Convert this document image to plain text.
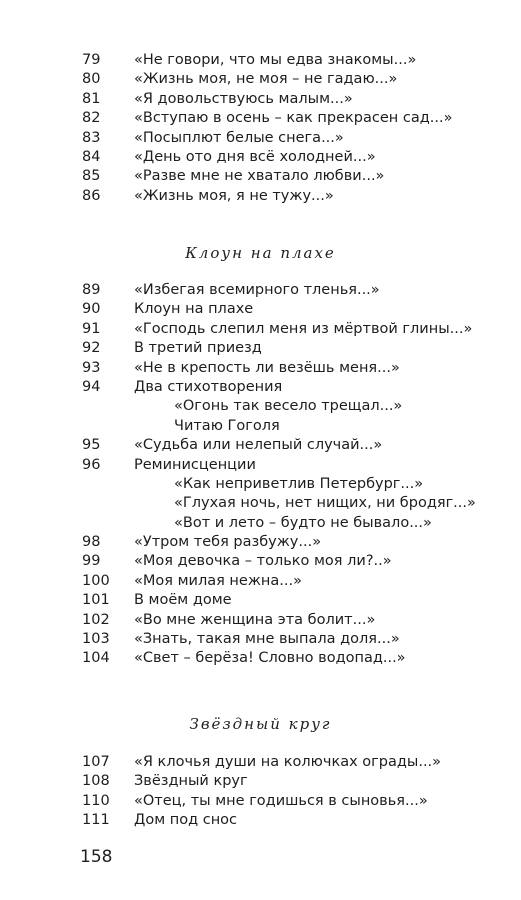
79 «Не говори, что мы едва знакомы...»
80 «Жизнь моя, не моя – не гадаю...»
81 «Я довольствуюсь малым...»
82 «Вступаю в осень – как прекрасен сад...»
83 «Посыплют белые снега...»
84 «День ото дня всё холодней...»
85 «Разве мне не хватало любви...»
86 «Жизнь моя, я не тужу...»
Клоун на плахе
89 «Избегая всемирного тленья...»
90 Клоун на плахе
91 «Господь слепил меня из мёртвой глины...»
92 В третий приезд
93 «Не в крепость ли везёшь меня...»
94 Два стихотворения
«Огонь так весело трещал...»
Читаю Гоголя
95 «Судьба или нелепый случай...»
96 Реминисценции
«Как неприветлив Петербург...»
«Глухая ночь, нет нищих, ни бродяг...»
«Вот и лето – будто не бывало...»
98 «Утром тебя разбужу...»
99 «Моя девочка – только моя ли?..»
100 «Моя милая нежна...»
101 В моём доме
102 «Во мне женщина эта болит...»
103 «Знать, такая мне выпала доля...»
104 «Свет – берёза! Словно водопад...»
Звёздный круг
107 «Я клочья души на колючках ограды...»
108 Звёздный круг
110 «Отец, ты мне годишься в сыновья...»
111 Дом под снос
158
